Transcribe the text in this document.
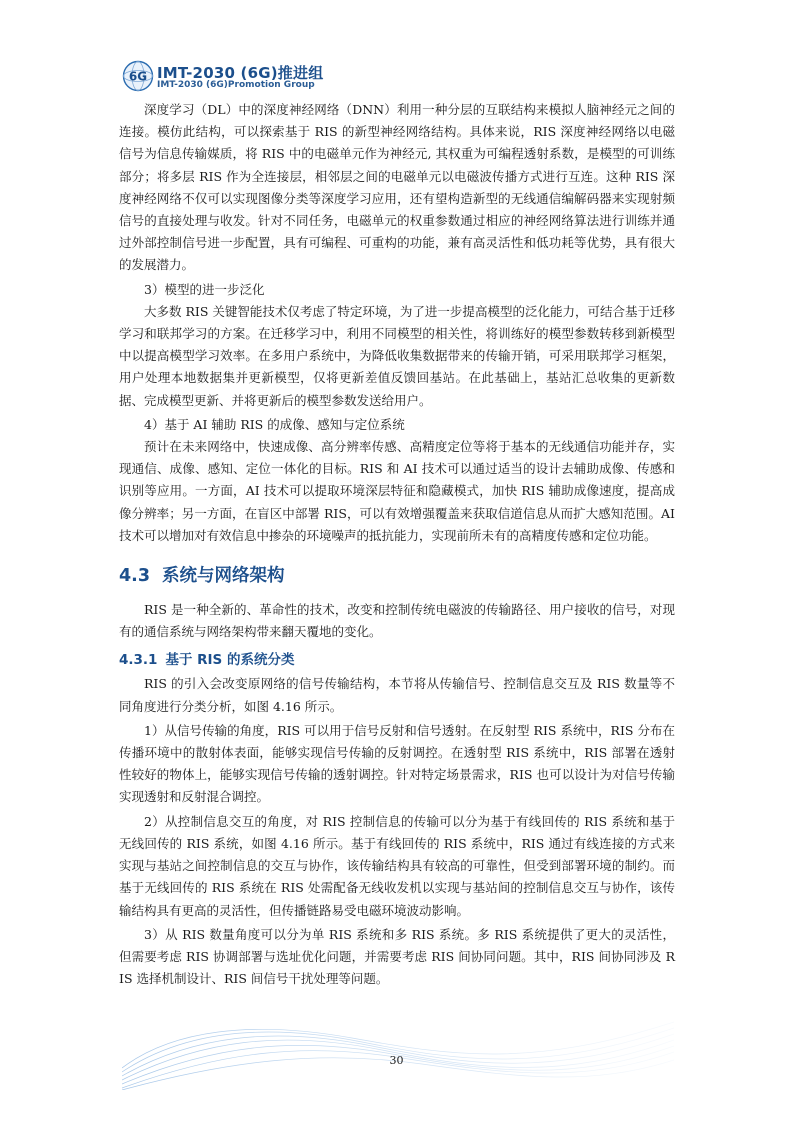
6G IMT-2030 (6G)推进组
IMT-2030 (6G)Promotion Group

深度学习（DL）中的深度神经网络（DNN）利用一种分层的互联结构来模拟人脑神经元之间的连接。模仿此结构，可以探索基于 RIS 的新型神经网络结构。具体来说，RIS 深度神经网络以电磁信号为信息传输媒质，将 RIS 中的电磁单元作为神经元, 其权重为可编程透射系数，是模型的可训练部分；将多层 RIS 作为全连接层，相邻层之间的电磁单元以电磁波传播方式进行互连。这种 RIS 深度神经网络不仅可以实现图像分类等深度学习应用，还有望构造新型的无线通信编解码器来实现射频信号的直接处理与收发。针对不同任务，电磁单元的权重参数通过相应的神经网络算法进行训练并通过外部控制信号进一步配置，具有可编程、可重构的功能，兼有高灵活性和低功耗等优势，具有很大的发展潜力。

3）模型的进一步泛化

大多数 RIS 关键智能技术仅考虑了特定环境，为了进一步提高模型的泛化能力，可结合基于迁移学习和联邦学习的方案。在迁移学习中，利用不同模型的相关性，将训练好的模型参数转移到新模型中以提高模型学习效率。在多用户系统中，为降低收集数据带来的传输开销，可采用联邦学习框架，用户处理本地数据集并更新模型，仅将更新差值反馈回基站。在此基础上，基站汇总收集的更新数据、完成模型更新、并将更新后的模型参数发送给用户。

4）基于 AI 辅助 RIS 的成像、感知与定位系统

预计在未来网络中，快速成像、高分辨率传感、高精度定位等将于基本的无线通信功能并存，实现通信、成像、感知、定位一体化的目标。RIS 和 AI 技术可以通过适当的设计去辅助成像、传感和识别等应用。一方面，AI 技术可以提取环境深层特征和隐藏模式，加快 RIS 辅助成像速度，提高成像分辨率；另一方面，在盲区中部署 RIS，可以有效增强覆盖来获取信道信息从而扩大感知范围。AI 技术可以增加对有效信息中掺杂的环境噪声的抵抗能力，实现前所未有的高精度传感和定位功能。

4.3 系统与网络架构

RIS 是一种全新的、革命性的技术，改变和控制传统电磁波的传输路径、用户接收的信号，对现有的通信系统与网络架构带来翻天覆地的变化。

4.3.1 基于 RIS 的系统分类

RIS 的引入会改变原网络的信号传输结构，本节将从传输信号、控制信息交互及 RIS 数量等不同角度进行分类分析，如图 4.16 所示。

1）从信号传输的角度，RIS 可以用于信号反射和信号透射。在反射型 RIS 系统中，RIS 分布在传播环境中的散射体表面，能够实现信号传输的反射调控。在透射型 RIS 系统中，RIS 部署在透射性较好的物体上，能够实现信号传输的透射调控。针对特定场景需求，RIS 也可以设计为对信号传输实现透射和反射混合调控。

2）从控制信息交互的角度，对 RIS 控制信息的传输可以分为基于有线回传的 RIS 系统和基于无线回传的 RIS 系统，如图 4.16 所示。基于有线回传的 RIS 系统中，RIS 通过有线连接的方式来实现与基站之间控制信息的交互与协作，该传输结构具有较高的可靠性，但受到部署环境的制约。而基于无线回传的 RIS 系统在 RIS 处需配备无线收发机以实现与基站间的控制信息交互与协作，该传输结构具有更高的灵活性，但传播链路易受电磁环境波动影响。

3）从 RIS 数量角度可以分为单 RIS 系统和多 RIS 系统。多 RIS 系统提供了更大的灵活性，但需要考虑 RIS 协调部署与选址优化问题，并需要考虑 RIS 间协同问题。其中，RIS 间协同涉及 RIS 选择机制设计、RIS 间信号干扰处理等问题。

30
